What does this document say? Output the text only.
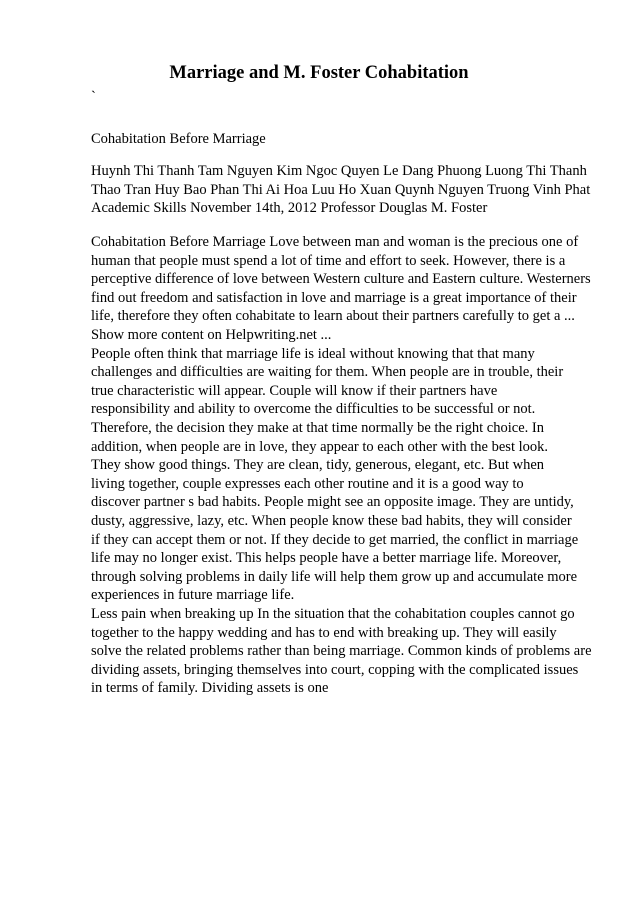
Marriage and M. Foster Cohabitation
`
Cohabitation Before Marriage
Huynh Thi Thanh Tam Nguyen Kim Ngoc Quyen Le Dang Phuong Luong Thi Thanh
Thao Tran Huy Bao Phan Thi Ai Hoa Luu Ho Xuan Quynh Nguyen Truong Vinh Phat
Academic Skills November 14th, 2012 Professor Douglas M. Foster
Cohabitation Before Marriage Love between man and woman is the precious one of
human that people must spend a lot of time and effort to seek. However, there is a
perceptive difference of love between Western culture and Eastern culture. Westerners
find out freedom and satisfaction in love and marriage is a great importance of their
life, therefore they often cohabitate to learn about their partners carefully to get a ...
Show more content on Helpwriting.net ...
People often think that marriage life is ideal without knowing that that many
challenges and difficulties are waiting for them. When people are in trouble, their
true characteristic will appear. Couple will know if their partners have
responsibility and ability to overcome the difficulties to be successful or not.
Therefore, the decision they make at that time normally be the right choice. In
addition, when people are in love, they appear to each other with the best look.
They show good things. They are clean, tidy, generous, elegant, etc. But when
living together, couple expresses each other routine and it is a good way to
discover partner s bad habits. People might see an opposite image. They are untidy,
dusty, aggressive, lazy, etc. When people know these bad habits, they will consider
if they can accept them or not. If they decide to get married, the conflict in marriage
life may no longer exist. This helps people have a better marriage life. Moreover,
through solving problems in daily life will help them grow up and accumulate more
experiences in future marriage life.
Less pain when breaking up In the situation that the cohabitation couples cannot go
together to the happy wedding and has to end with breaking up. They will easily
solve the related problems rather than being marriage. Common kinds of problems are
dividing assets, bringing themselves into court, copping with the complicated issues
in terms of family. Dividing assets is one
